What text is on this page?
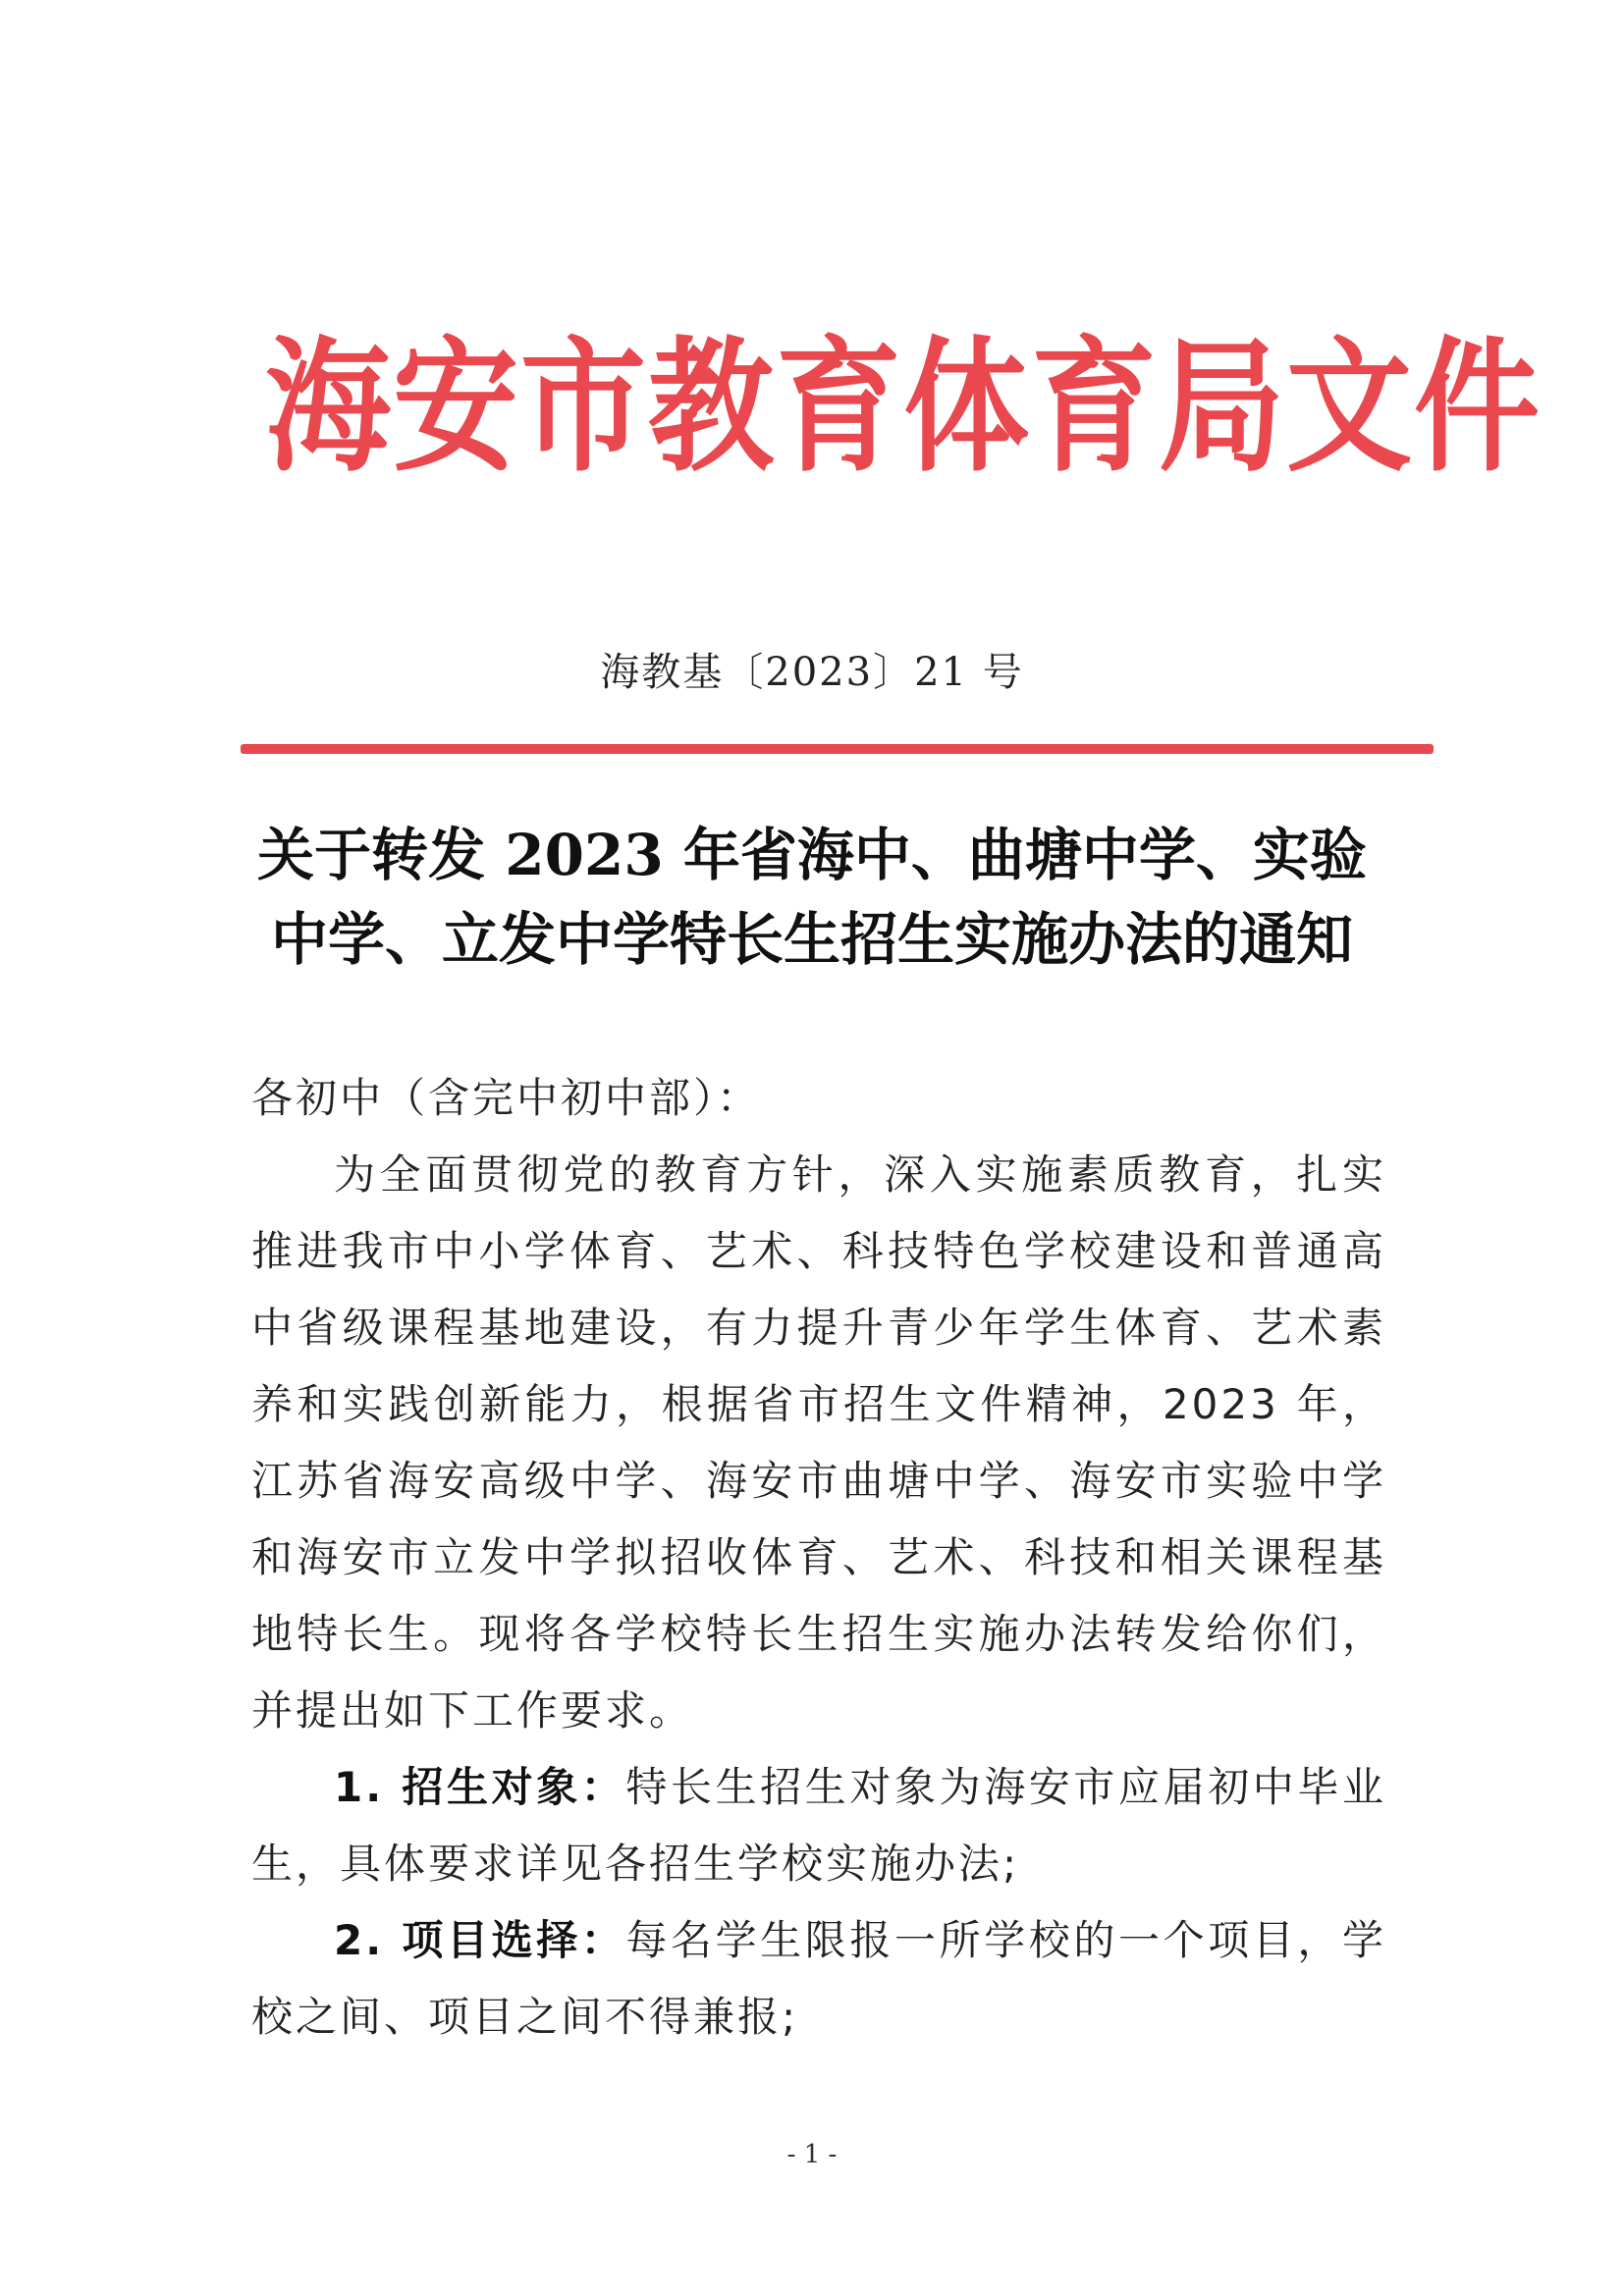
海安市教育体育局文件
海教基〔2023〕21 号
关于转发 2023 年省海中、曲塘中学、实验
中学、立发中学特长生招生实施办法的通知

各初中（含完中初中部）：

为全面贯彻党的教育方针，深入实施素质教育，扎实推进我市中小学体育、艺术、科技特色学校建设和普通高中省级课程基地建设，有力提升青少年学生体育、艺术素养和实践创新能力，根据省市招生文件精神，2023 年，江苏省海安高级中学、海安市曲塘中学、海安市实验中学和海安市立发中学拟招收体育、艺术、科技和相关课程基地特长生。现将各学校特长生招生实施办法转发给你们，并提出如下工作要求。

1. 招生对象：特长生招生对象为海安市应届初中毕业生，具体要求详见各招生学校实施办法;

2. 项目选择：每名学生限报一所学校的一个项目，学校之间、项目之间不得兼报;

- 1 -
